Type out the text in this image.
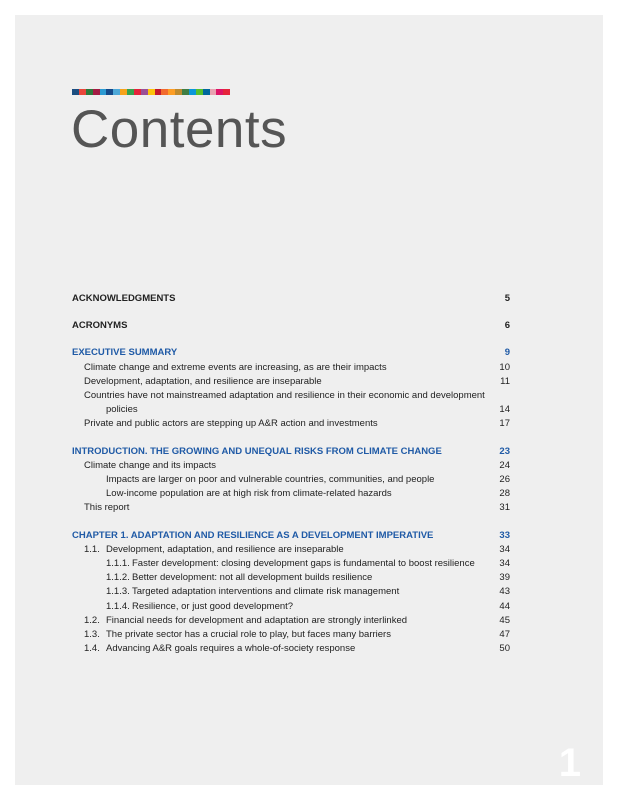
Contents
ACKNOWLEDGMENTS	5
ACRONYMS	6
EXECUTIVE SUMMARY	9
Climate change and extreme events are increasing, as are their impacts	10
Development, adaptation, and resilience are inseparable	11
Countries have not mainstreamed adaptation and resilience in their economic and development
policies	14
Private and public actors are stepping up A&R action and investments	17
INTRODUCTION. THE GROWING AND UNEQUAL RISKS FROM CLIMATE CHANGE	23
Climate change and its impacts	24
Impacts are larger on poor and vulnerable countries, communities, and people	26
Low-income population are at high risk from climate-related hazards	28
This report	31
CHAPTER 1. ADAPTATION AND RESILIENCE AS A DEVELOPMENT IMPERATIVE	33
1.1. Development, adaptation, and resilience are inseparable	34
1.1.1. Faster development: closing development gaps is fundamental to boost resilience	34
1.1.2. Better development: not all development builds resilience	39
1.1.3. Targeted adaptation interventions and climate risk management	43
1.1.4. Resilience, or just good development?	44
1.2. Financial needs for development and adaptation are strongly interlinked	45
1.3. The private sector has a crucial role to play, but faces many barriers	47
1.4. Advancing A&R goals requires a whole-of-society response	50
1
